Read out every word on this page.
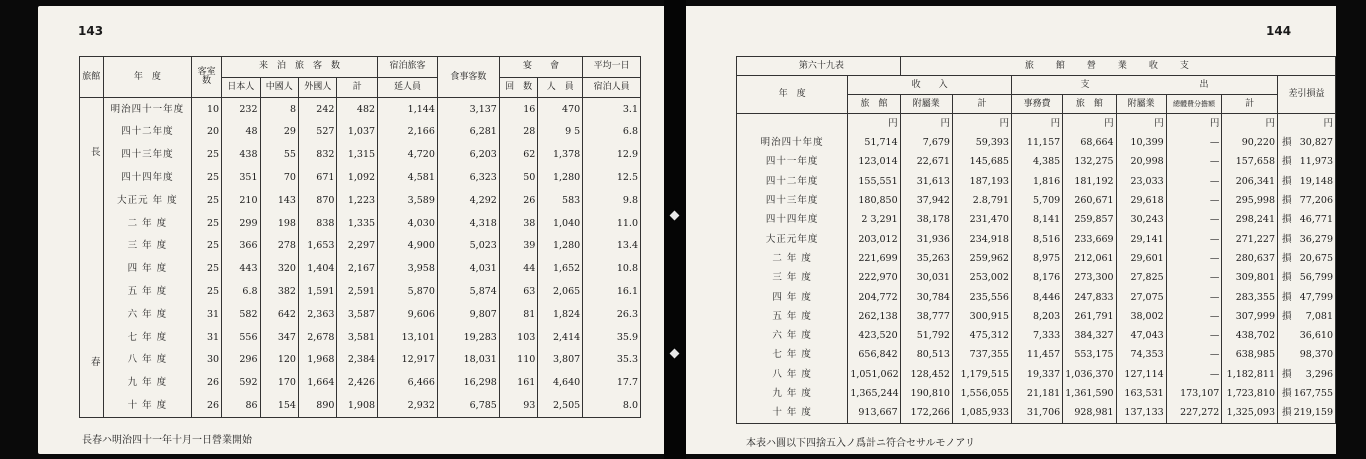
143
旅館	年　度	客室数	来　泊　旅　客　数				宿泊旅客	食事客数	宴　　會		平均一日
			日本人	中國人	外國人	計	延人員		回　数	人　員	宿泊人員

長
春	明治四十一年度	10	232	8	242	482	1,144	3,137	16	470	3.1
	四十二年度	20	48	29	527	1,037	2,166	6,281	28	9 5	6.8
	四十三年度	25	438	55	832	1,315	4,720	6,203	62	1,378	12.9
	四十四年度	25	351	70	671	1,092	4,581	6,323	50	1,280	12.5
	大正元 年 度	25	210	143	870	1,223	3,589	4,292	26	583	9.8
	二 年 度	25	299	198	838	1,335	4,030	4,318	38	1,040	11.0
	三 年 度	25	366	278	1,653	2,297	4,900	5,023	39	1,280	13.4
	四 年 度	25	443	320	1,404	2,167	3,958	4,031	44	1,652	10.8
	五 年 度	25	6.8	382	1,591	2,591	5,870	5,874	63	2,065	16.1
	六 年 度	31	582	642	2,363	3,587	9,606	9,807	81	1,824	26.3
	七 年 度	31	556	347	2,678	3,581	13,101	19,283	103	2,414	35.9
	八 年 度	30	296	120	1,968	2,384	12,917	18,031	110	3,807	35.3
	九 年 度	26	592	170	1,664	2,426	6,466	16,298	161	4,640	17.7
	十 年 度	26	86	154	890	1,908	2,932	6,785	93	2,505	8.0
長春ハ明治四十一年十月一日營業開始
144
第六十九表		旅館營業收支							
年　度	收　　入			支 出					差引損益
	旅　館	附屬業	計	事務費	旅　館	附屬業	總體費分擔額	計	
	円	円	円	円	円	円	円	円	円
明治四十年度	51,714	7,679	59,393	11,157	68,664	10,399	—	90,220	損 30,827
四十一年度	123,014	22,671	145,685	4,385	132,275	20,998	—	157,658	損 11,973
四十二年度	155,551	31,613	187,193	1,816	181,192	23,033	—	206,341	損 19,148
四十三年度	180,850	37,942	2.8,791	5,709	260,671	29,618	—	295,998	損 77,206
四十四年度	2 3,291	38,178	231,470	8,141	259,857	30,243	—	298,241	損 46,771
大正元年度	203,012	31,936	234,918	8,516	233,669	29,141	—	271,227	損 36,279
二 年 度	221,699	35,263	259,962	8,975	212,061	29,601	—	280,637	損 20,675
三 年 度	222,970	30,031	253,002	8,176	273,300	27,825	—	309,801	損 56,799
四 年 度	204,772	30,784	235,556	8,446	247,833	27,075	—	283,355	損 47,799
五 年 度	262,138	38,777	300,915	8,203	261,791	38,002	—	307,999	損 7,081
六 年 度	423,520	51,792	475,312	7,333	384,327	47,043	—	438,702	36,610
七 年 度	656,842	80,513	737,355	11,457	553,175	74,353	—	638,985	98,370
八 年 度	1,051,062	128,452	1,179,515	19,337	1,036,370	127,114	—	1,182,811	損 3,296
九 年 度	1,365,244	190,810	1,556,055	21,181	1,361,590	163,531	173,107	1,723,810	損 167,755
十 年 度	913,667	172,266	1,085,933	31,706	928,981	137,133	227,272	1,325,093	損 219,159
本表ハ圓以下四捨五入ノ爲計ニ符合セサルモノアリ
